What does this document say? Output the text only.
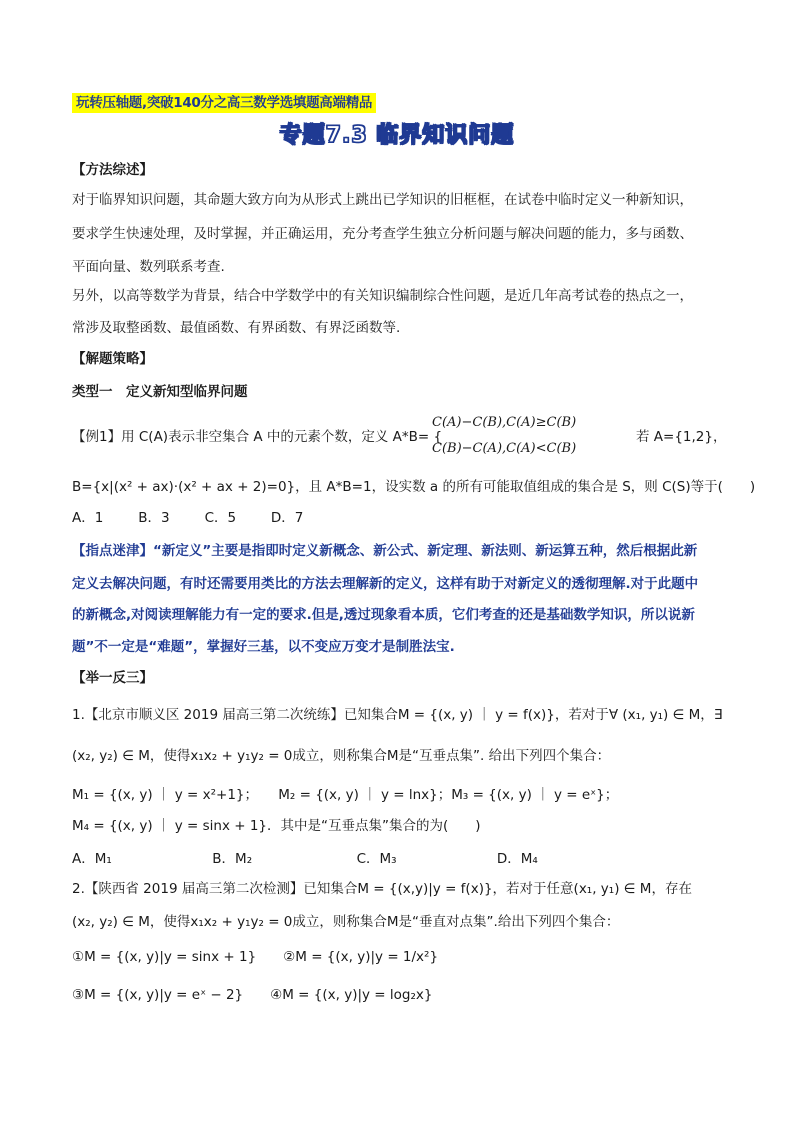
玩转压轴题,突破140分之高三数学选填题高端精品
专题7.3 临界知识问题
【方法综述】
对于临界知识问题，其命题大致方向为从形式上跳出已学知识的旧框框，在试卷中临时定义一种新知识，
要求学生快速处理，及时掌握，并正确运用，充分考查学生独立分析问题与解决问题的能力，多与函数、
平面向量、数列联系考查.
另外，以高等数学为背景，结合中学数学中的有关知识编制综合性问题，是近几年高考试卷的热点之一，
常涉及取整函数、最值函数、有界函数、有界泛函数等.
【解题策略】
类型一　定义新知型临界问题
【例1】用 C(A)表示非空集合 A 中的元素个数，定义 A*B= {
C(A)−C(B),C(A)≥C(B)
C(B)−C(A),C(A)<C(B)
若 A={1,2}，
B={x|(x² + ax)·(x² + ax + 2)=0}，且 A*B=1，设实数 a 的所有可能取值组成的集合是 S，则 C(S)等于(　　)
A．1	B．3	C．5	D．7
【指点迷津】“新定义”主要是指即时定义新概念、新公式、新定理、新法则、新运算五种，然后根据此新
定义去解决问题，有时还需要用类比的方法去理解新的定义，这样有助于对新定义的透彻理解.对于此题中
的新概念,对阅读理解能力有一定的要求.但是,透过现象看本质，它们考查的还是基础数学知识，所以说新
题”不一定是“难题”，掌握好三基，以不变应万变才是制胜法宝.
【举一反三】
1.【北京市顺义区 2019 届高三第二次统练】已知集合M = {(x, y) ｜ y = f(x)}，若对于∀ (x₁, y₁) ∈ M，∃
(x₂, y₂) ∈ M，使得x₁x₂ + y₁y₂ = 0成立，则称集合M是“互垂点集”. 给出下列四个集合：
M₁ = {(x, y) ｜ y = x²+1}；　　M₂ = {(x, y) ｜ y = lnx}；M₃ = {(x, y) ｜ y = eˣ}；
M₄ = {(x, y) ｜ y = sinx + 1}．其中是“互垂点集”集合的为(　　)
A．M₁	B．M₂	C．M₃	D．M₄
2.【陕西省 2019 届高三第二次检测】已知集合M = {(x,y)|y = f(x)}，若对于任意(x₁, y₁) ∈ M，存在
(x₂, y₂) ∈ M，使得x₁x₂ + y₁y₂ = 0成立，则称集合M是“垂直对点集”.给出下列四个集合：
①M = {(x, y)|y = sinx + 1}　　②M = {(x, y)|y = 1/x²}
③M = {(x, y)|y = eˣ − 2}　　④M = {(x, y)|y = log₂x}
